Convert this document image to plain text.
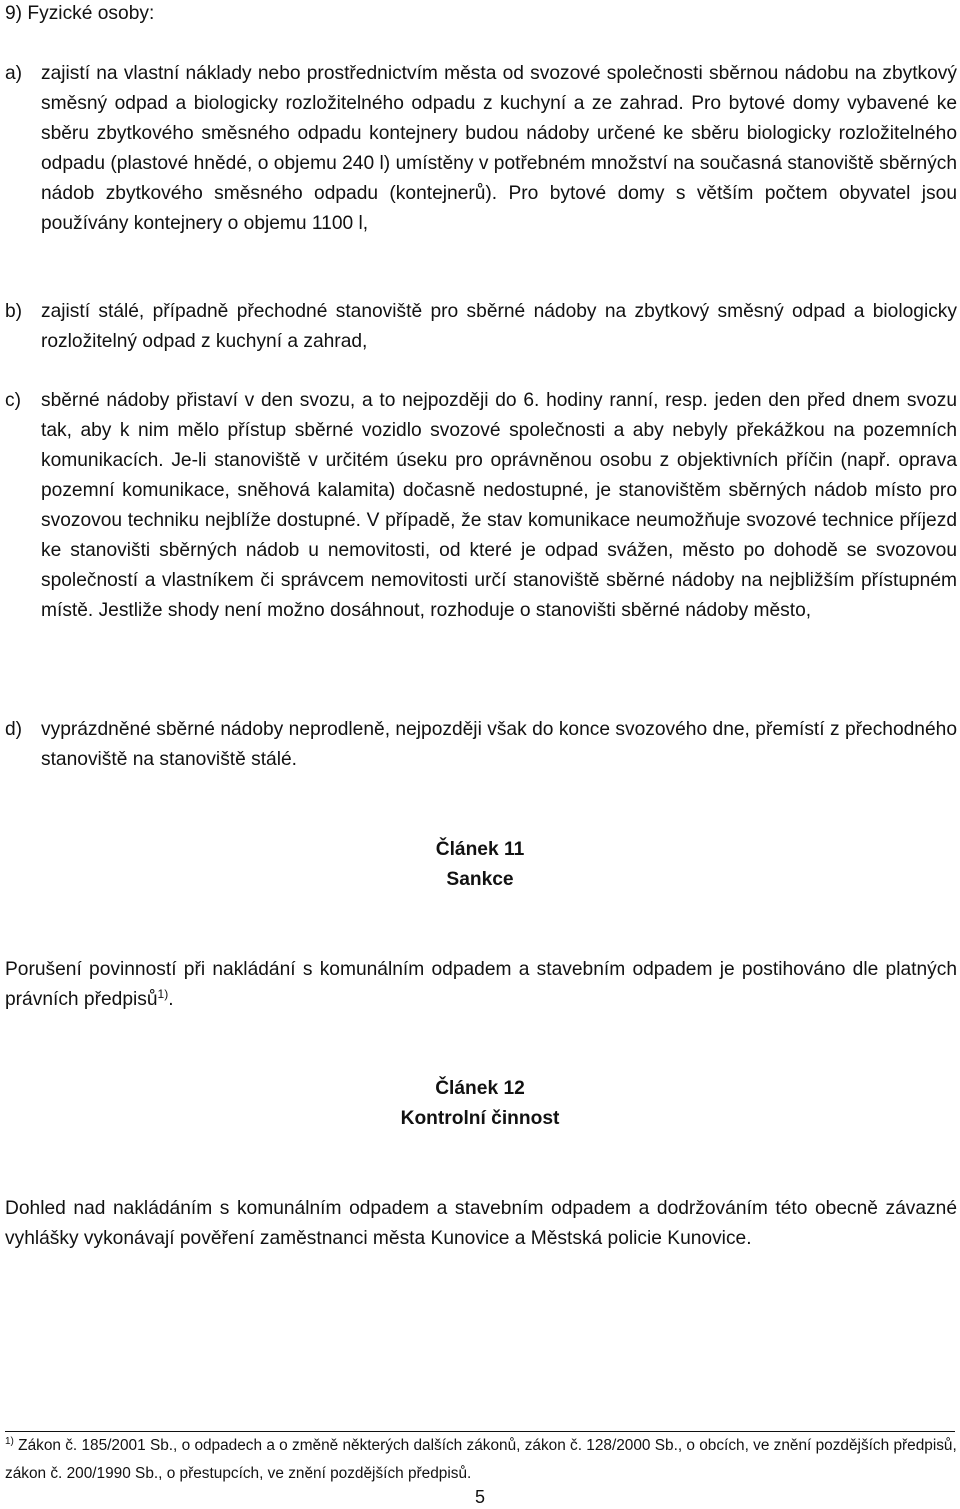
9) Fyzické osoby:
a) zajistí na vlastní náklady nebo prostřednictvím města od svozové společnosti sběrnou nádobu na zbytkový směsný odpad a biologicky rozložitelného odpadu z kuchyní a ze zahrad. Pro bytové domy vybavené ke sběru zbytkového směsného odpadu kontejnery budou nádoby určené ke sběru biologicky rozložitelného odpadu (plastové hnědé, o objemu 240 l) umístěny v potřebném množství na současná stanoviště sběrných nádob zbytkového směsného odpadu (kontejnerů). Pro bytové domy s větším počtem obyvatel jsou používány kontejnery o objemu 1100 l,
b) zajistí stálé, případně přechodné stanoviště pro sběrné nádoby na zbytkový směsný odpad a biologicky rozložitelný odpad z kuchyní a zahrad,
c)	sběrné nádoby přistaví v den svozu, a to nejpozději do 6. hodiny ranní, resp. jeden den před dnem svozu tak, aby k nim mělo přístup sběrné vozidlo svozové společnosti a aby nebyly překážkou na pozemních komunikacích. Je-li stanoviště v určitém úseku pro oprávněnou osobu z objektivních příčin (např. oprava pozemní komunikace, sněhová kalamita) dočasně nedostupné, je stanovištěm sběrných nádob místo pro svozovou techniku nejblíže dostupné. V případě, že stav komunikace neumožňuje svozové technice příjezd ke stanovišti sběrných nádob u nemovitosti, od které je odpad svážen, město po dohodě se svozovou společností a vlastníkem či správcem nemovitosti určí stanoviště sběrné nádoby na nejbližším přístupném místě. Jestliže shody není možno dosáhnout, rozhoduje o stanovišti sběrné nádoby město,
d) vyprázdněné sběrné nádoby neprodleně, nejpozději však do konce svozového dne, přemístí z přechodného stanoviště na stanoviště stálé.
Článek 11
Sankce
Porušení povinností při nakládání s komunálním odpadem a stavebním odpadem je postihováno dle platných právních předpisů$^{1)}$.
Článek 12
Kontrolní činnost
Dohled nad nakládáním s komunálním odpadem a stavebním odpadem a dodržováním této obecně závazné vyhlášky vykonávají pověření zaměstnanci města Kunovice a Městská policie Kunovice.
$^{1)}$ Zákon č. 185/2001 Sb., o odpadech a o změně některých dalších zákonů, zákon č. 128/2000 Sb., o obcích, ve znění pozdějších předpisů, zákon č. 200/1990 Sb., o přestupcích, ve znění pozdějších předpisů.
5
